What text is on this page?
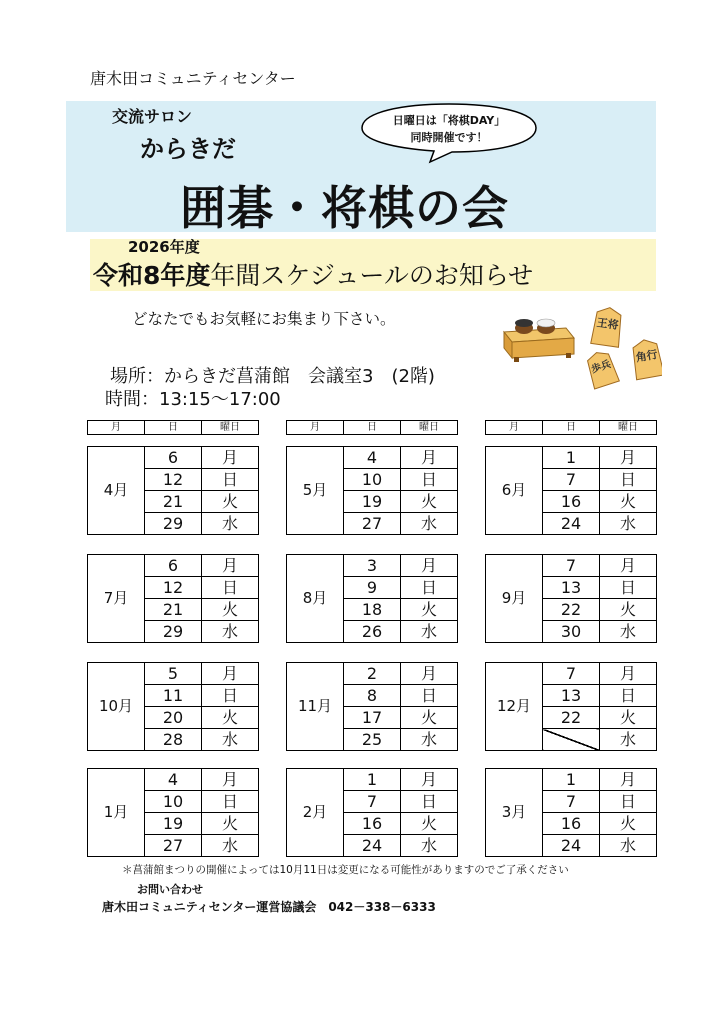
唐木田コミュニティセンター
交流サロン
からきだ
日曜日は「将棋DAY」
同時開催です！
囲碁・将棋の会
2026年度
令和8年度年間スケジュールのお知らせ
どなたでもお気軽にお集まり下さい。
場所：からきだ菖蒲館　会議室3　(2階)
時間：13:15～17:00
王将
角行
歩兵
月	日	曜日	月	日	曜日	月	日	曜日
4月	6	月
	12	日
	21	火
	29	水
5月	4	月
	10	日
	19	火
	27	水
6月	1	月
	7	日
	16	火
	24	水
7月	6	月
	12	日
	21	火
	29	水
8月	3	月
	9	日
	18	火
	26	水
9月	7	月
	13	日
	22	火
	30	水
10月	5	月
	11	日
	20	火
	28	水
11月	2	月
	8	日
	17	火
	25	水
12月	7	月
	13	日
	22	火
		水
1月	4	月
	10	日
	19	火
	27	水
2月	1	月
	7	日
	16	火
	24	水
3月	1	月
	7	日
	16	火
	24	水
＊菖蒲館まつりの開催によっては10月11日は変更になる可能性がありますのでご了承ください
お問い合わせ
唐木田コミュニティセンター運営協議会　042－338－6333
